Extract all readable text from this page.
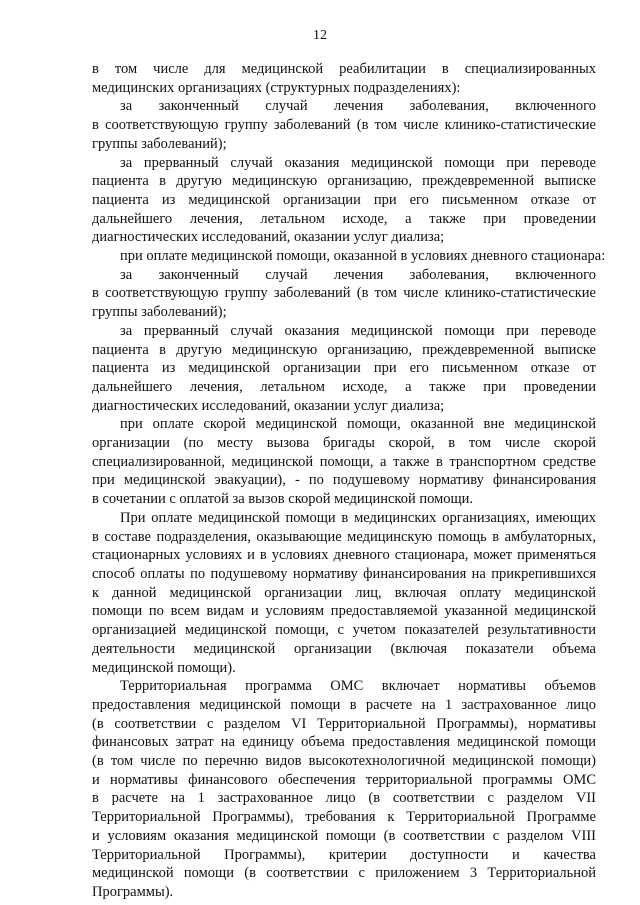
12
в том числе для медицинской реабилитации в специализированных
медицинских организациях (структурных подразделениях):
за законченный случай лечения заболевания, включенного
в соответствующую группу заболеваний (в том числе клинико-статистические
группы заболеваний);
за прерванный случай оказания медицинской помощи при переводе
пациента в другую медицинскую организацию, преждевременной выписке
пациента из медицинской организации при его письменном отказе от
дальнейшего лечения, летальном исходе, а также при проведении
диагностических исследований, оказании услуг диализа;
при оплате медицинской помощи, оказанной в условиях дневного стационара:
за законченный случай лечения заболевания, включенного
в соответствующую группу заболеваний (в том числе клинико-статистические
группы заболеваний);
за прерванный случай оказания медицинской помощи при переводе
пациента в другую медицинскую организацию, преждевременной выписке
пациента из медицинской организации при его письменном отказе от
дальнейшего лечения, летальном исходе, а также при проведении
диагностических исследований, оказании услуг диализа;
при оплате скорой медицинской помощи, оказанной вне медицинской
организации (по месту вызова бригады скорой, в том числе скорой
специализированной, медицинской помощи, а также в транспортном средстве
при медицинской эвакуации), - по подушевому нормативу финансирования
в сочетании с оплатой за вызов скорой медицинской помощи.
При оплате медицинской помощи в медицинских организациях, имеющих
в составе подразделения, оказывающие медицинскую помощь в амбулаторных,
стационарных условиях и в условиях дневного стационара, может применяться
способ оплаты по подушевому нормативу финансирования на прикрепившихся
к данной медицинской организации лиц, включая оплату медицинской
помощи по всем видам и условиям предоставляемой указанной медицинской
организацией медицинской помощи, с учетом показателей результативности
деятельности медицинской организации (включая показатели объема
медицинской помощи).
Территориальная программа ОМС включает нормативы объемов
предоставления медицинской помощи в расчете на 1 застрахованное лицо
(в соответствии с разделом VI Территориальной Программы), нормативы
финансовых затрат на единицу объема предоставления медицинской помощи
(в том числе по перечню видов высокотехнологичной медицинской помощи)
и нормативы финансового обеспечения территориальной программы ОМС
в расчете на 1 застрахованное лицо (в соответствии с разделом VII
Территориальной Программы), требования к Территориальной Программе
и условиям оказания медицинской помощи (в соответствии с разделом VIII
Территориальной Программы), критерии доступности и качества
медицинской помощи (в соответствии с приложением 3 Территориальной
Программы).
